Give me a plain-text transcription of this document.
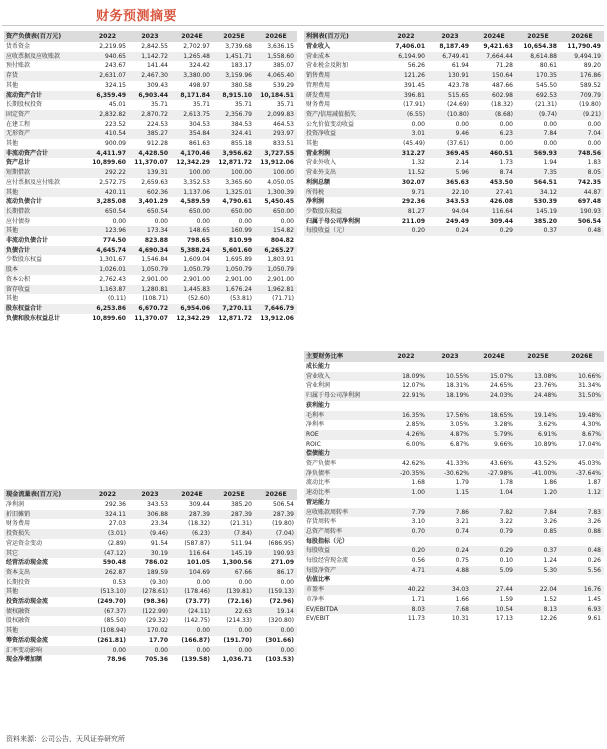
财务预测摘要
资产负债表(百万元)	2022	2023	2024E	2025E	2026E
货币资金	2,219.95	2,842.55	2,702.97	3,739.68	3,636.15
应收票据及应收账款	940.65	1,142.72	1,265.48	1,451.71	1,558.60
预付账款	243.67	141.44	324.42	183.17	385.07
存货	2,631.07	2,467.30	3,380.00	3,159.96	4,065.40
其他	324.15	309.43	498.97	380.58	539.29
流动资产合计	6,359.49	6,903.44	8,171.84	8,915.10	10,184.51
长期股权投资	45.01	35.71	35.71	35.71	35.71
固定资产	2,832.82	2,870.72	2,613.75	2,356.79	2,099.83
在建工程	223.52	224.53	304.53	384.53	464.53
无形资产	410.54	385.27	354.84	324.41	293.97
其他	900.09	912.28	861.63	855.18	833.51
非流动资产合计	4,411.97	4,428.50	4,170.46	3,956.62	3,727.55
资产总计	10,899.60	11,370.07	12,342.29	12,871.72	13,912.06
短期借款	292.22	139.31	100.00	100.00	100.00
应付票据及应付账款	2,572.75	2,659.63	3,352.53	3,365.60	4,050.05
其他	420.11	602.36	1,137.06	1,325.01	1,300.39
流动负债合计	3,285.08	3,401.29	4,589.59	4,790.61	5,450.45
长期借款	650.54	650.54	650.00	650.00	650.00
应付债券	0.00	0.00	0.00	0.00	0.00
其他	123.96	173.34	148.65	160.99	154.82
非流动负债合计	774.50	823.88	798.65	810.99	804.82
负债合计	4,645.74	4,690.34	5,388.24	5,601.60	6,265.27
少数股东权益	1,301.67	1,546.84	1,609.04	1,695.89	1,803.91
股本	1,026.01	1,050.79	1,050.79	1,050.79	1,050.79
资本公积	2,762.43	2,901.00	2,901.00	2,901.00	2,901.00
留存收益	1,163.87	1,280.81	1,445.83	1,676.24	1,962.81
其他	(0.11)	(108.71)	(52.60)	(53.81)	(71.71)
股东权益合计	6,253.86	6,670.72	6,954.06	7,270.11	7,646.79
负债和股东权益总计	10,899.60	11,370.07	12,342.29	12,871.72	13,912.06
利润表(百万元)	2022	2023	2024E	2025E	2026E
营业收入	7,406.01	8,187.49	9,421.63	10,654.38	11,790.49
营业成本	6,194.90	6,749.41	7,664.44	8,614.88	9,494.19
营业税金及附加	56.26	61.94	71.28	80.61	89.20
销售费用	121.26	130.91	150.64	170.35	176.86
管理费用	391.45	423.78	487.66	545.50	589.52
研发费用	396.81	515.65	602.98	692.53	709.79
财务费用	(17.91)	(24.69)	(18.32)	(21.31)	(19.80)
资产/信用减值损失	(6.55)	(10.80)	(8.68)	(9.74)	(9.21)
公允价值变动收益	0.00	0.00	0.00	0.00	0.00
投资净收益	3.01	9.46	6.23	7.84	7.04
其他	(45.49)	(37.61)	0.00	0.00	0.00
营业利润	312.27	369.45	460.51	569.93	748.56
营业外收入	1.32	2.14	1.73	1.94	1.83
营业外支出	11.52	5.96	8.74	7.35	8.05
利润总额	302.07	365.63	453.50	564.51	742.35
所得税	9.71	22.10	27.41	34.12	44.87
净利润	292.36	343.53	426.08	530.39	697.48
少数股东损益	81.27	94.04	116.64	145.19	190.93
归属于母公司净利润	211.09	249.49	309.44	385.20	506.54
每股收益（元）	0.20	0.24	0.29	0.37	0.48
现金流量表(百万元)	2022	2023	2024E	2025E	2026E
净利润	292.36	343.53	309.44	385.20	506.54
折旧摊销	324.11	306.88	287.39	287.39	287.39
财务费用	27.03	23.34	(18.32)	(21.31)	(19.80)
投资损失	(3.01)	(9.46)	(6.23)	(7.84)	(7.04)
营运资金变动	(2.89)	91.54	(587.87)	511.94	(686.95)
其它	(47.12)	30.19	116.64	145.19	190.93
经营活动现金流	590.48	786.02	101.05	1,300.56	271.09
资本支出	262.87	189.59	104.69	67.66	86.17
长期投资	0.53	(9.30)	0.00	0.00	0.00
其他	(513.10)	(278.61)	(178.46)	(139.81)	(159.13)
投资活动现金流	(249.70)	(98.36)	(73.77)	(72.16)	(72.96)
债权融资	(67.37)	(122.99)	(24.11)	22.63	19.14
股权融资	(85.50)	(29.32)	(142.75)	(214.33)	(320.80)
其他	(108.94)	170.02	0.00	0.00	0.00
筹资活动现金流	(261.81)	17.70	(166.87)	(191.70)	(301.66)
汇率变动影响	0.00	0.00	0.00	0.00	0.00
现金净增加额	78.96	705.36	(139.58)	1,036.71	(103.53)
主要财务比率	2022	2023	2024E	2025E	2026E
成长能力					
营业收入	18.09%	10.55%	15.07%	13.08%	10.66%
营业利润	12.07%	18.31%	24.65%	23.76%	31.34%
归属于母公司净利润	22.91%	18.19%	24.03%	24.48%	31.50%
获利能力					
毛利率	16.35%	17.56%	18.65%	19.14%	19.48%
净利率	2.85%	3.05%	3.28%	3.62%	4.30%
ROE	4.26%	4.87%	5.79%	6.91%	8.67%
ROIC	6.00%	6.87%	9.66%	10.89%	17.04%
偿债能力					
资产负债率	42.62%	41.33%	43.66%	43.52%	45.03%
净负债率	-20.35%	-30.62%	-27.98%	-41.00%	-37.64%
流动比率	1.68	1.79	1.78	1.86	1.87
速动比率	1.00	1.15	1.04	1.20	1.12
营运能力					
应收账款周转率	7.79	7.86	7.82	7.84	7.83
存货周转率	3.10	3.21	3.22	3.26	3.26
总资产周转率	0.70	0.74	0.79	0.85	0.88
每股指标（元）					
每股收益	0.20	0.24	0.29	0.37	0.48
每股经营现金流	0.56	0.75	0.10	1.24	0.26
每股净资产	4.71	4.88	5.09	5.30	5.56
估值比率					
市盈率	40.22	34.03	27.44	22.04	16.76
市净率	1.71	1.66	1.59	1.52	1.45
EV/EBITDA	8.03	7.68	10.54	8.13	6.93
EV/EBIT	11.73	10.31	17.13	12.26	9.61
资料来源：公司公告，天风证券研究所
